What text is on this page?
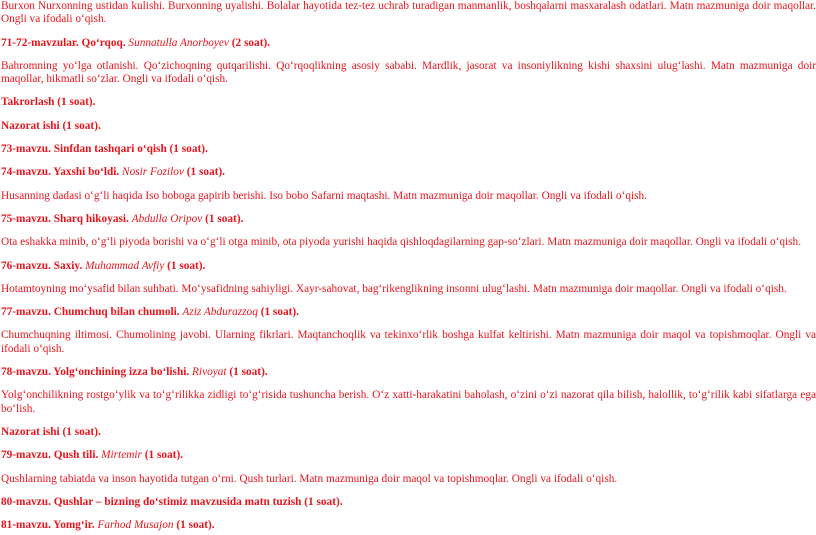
Burxon Nurxonning ustidan kulishi. Burxonning uyalishi. Bolalar hayotida tez-tez uchrab turadigan manmanlik, boshqalarni masxaralash odatlari. Matn mazmuniga doir maqollar. Ongli va ifodali oʻqish.

71-72-mavzular. Qoʻrqoq. Sunnatulla Anorboyev (2 soat).

Bahromning yoʻlga otlanishi. Qoʻzichoqning qutqarilishi. Qoʻrqoqlikning asosiy sababi. Mardlik, jasorat va insoniylikning kishi shaxsini ulugʻlashi. Matn mazmuniga doir maqollar, hikmatli soʻzlar. Ongli va ifodali oʻqish.

Takrorlash (1 soat).

Nazorat ishi (1 soat).

73-mavzu. Sinfdan tashqari oʻqish (1 soat).

74-mavzu. Yaxshi boʻldi. Nosir Fozilov (1 soat).

Husanning dadasi oʻgʻli haqida Iso boboga gapirib berishi. Iso bobo Safarni maqtashi. Matn mazmuniga doir maqollar. Ongli va ifodali oʻqish.

75-mavzu. Sharq hikoyasi. Abdulla Oripov (1 soat).

Ota eshakka minib, oʻgʻli piyoda borishi va oʻgʻli otga minib, ota piyoda yurishi haqida qishloqdagilarning gap-soʻzlari. Matn mazmuniga doir maqollar. Ongli va ifodali oʻqish.

76-mavzu. Saxiy. Muhammad Avfiy (1 soat).

Hotamtoyning moʻysafid bilan suhbati. Moʻysafidning sahiyligi. Xayr-sahovat, bagʻrikenglikning insonni ulugʻlashi. Matn mazmuniga doir maqollar. Ongli va ifodali oʻqish.

77-mavzu. Chumchuq bilan chumoli. Aziz Abdurazzoq (1 soat).

Chumchuqning iltimosi. Chumolining javobi. Ularning fikrlari. Maqtanchoqlik va tekinxoʻrlik boshga kulfat keltirishi. Matn mazmuniga doir maqol va topishmoqlar. Ongli va ifodali oʻqish.

78-mavzu. Yolgʻonchining izza boʻlishi. Rivoyat (1 soat).

Yolgʻonchilikning rostgoʻylik va toʻgʻrilikka zidligi toʻgʻrisida tushuncha berish. Oʻz xatti-harakatini baholash, oʻzini oʻzi nazorat qila bilish, halollik, toʻgʻrilik kabi sifatlarga ega boʻlish.

Nazorat ishi (1 soat).

79-mavzu. Qush tili. Mirtemir (1 soat).

Qushlarning tabiatda va inson hayotida tutgan oʻrni. Qush turlari. Matn mazmuniga doir maqol va topishmoqlar. Ongli va ifodali oʻqish.

80-mavzu. Qushlar – bizning doʻstimiz mavzusida matn tuzish (1 soat).

81-mavzu. Yomgʻir. Farhod Musajon (1 soat).
